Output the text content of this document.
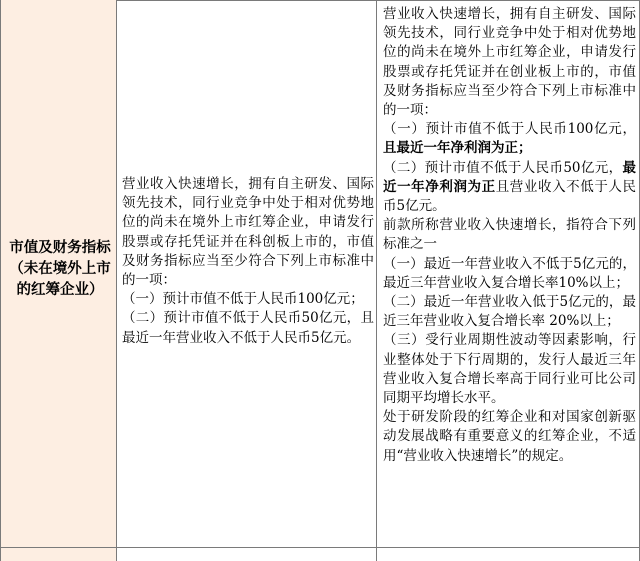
市值及财务指标（未在境外上市的红筹企业）

营业收入快速增长，拥有自主研发、国际领先技术，同行业竞争中处于相对优势地位的尚未在境外上市红筹企业，申请发行股票或存托凭证并在科创板上市的，市值及财务指标应当至少符合下列上市标准中的一项：

（一）预计市值不低于人民币100亿元；

（二）预计市值不低于人民币50亿元，且最近一年营业收入不低于人民币5亿元。

营业收入快速增长，拥有自主研发、国际领先技术，同行业竞争中处于相对优势地位的尚未在境外上市红筹企业，申请发行股票或存托凭证并在创业板上市的，市值及财务指标应当至少符合下列上市标准中的一项：

（一）预计市值不低于人民币100亿元，且最近一年净利润为正；

（二）预计市值不低于人民币50亿元，最近一年净利润为正且营业收入不低于人民币5亿元。

前款所称营业收入快速增长，指符合下列标准之一

（一）最近一年营业收入不低于5亿元的，最近三年营业收入复合增长率10%以上；

（二）最近一年营业收入低于5亿元的，最近三年营业收入复合增长率 20%以上；

（三）受行业周期性波动等因素影响，行业整体处于下行周期的，发行人最近三年营业收入复合增长率高于同行业可比公司同期平均增长水平。

处于研发阶段的红筹企业和对国家创新驱动发展战略有重要意义的红筹企业，不适用“营业收入快速增长”的规定。
